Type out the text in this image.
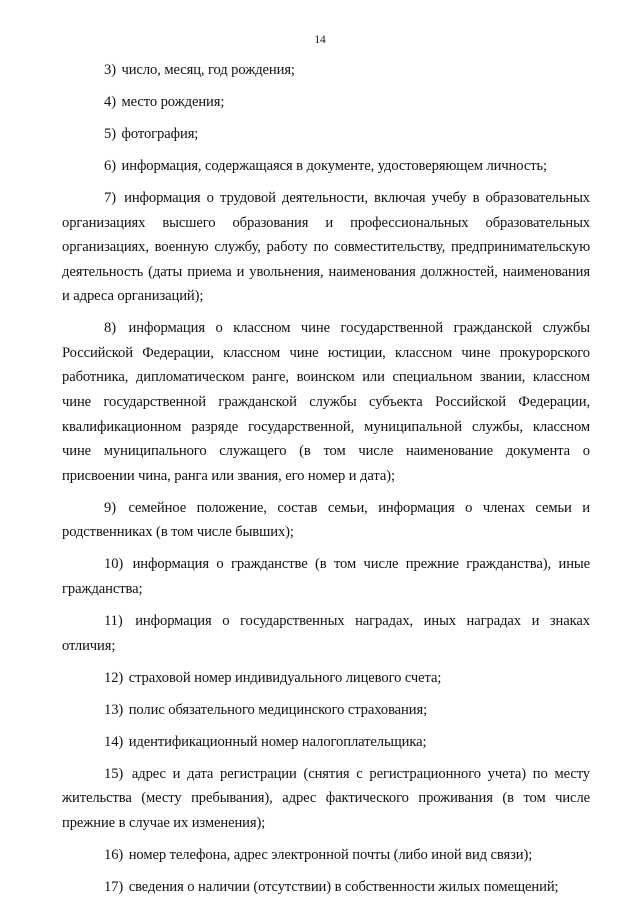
14

3) число, месяц, год рождения;

4) место рождения;

5) фотография;

6) информация, содержащаяся в документе, удостоверяющем личность;

7) информация о трудовой деятельности, включая учебу в образовательных организациях высшего образования и профессиональных образовательных организациях, военную службу, работу по совместительству, предпринимательскую деятельность (даты приема и увольнения, наименования должностей, наименования и адреса организаций);

8) информация о классном чине государственной гражданской службы Российской Федерации, классном чине юстиции, классном чине прокурорского работника, дипломатическом ранге, воинском или специальном звании, классном чине государственной гражданской службы субъекта Российской Федерации, квалификационном разряде государственной, муниципальной службы, классном чине муниципального служащего (в том числе наименование документа о присвоении чина, ранга или звания, его номер и дата);

9) семейное положение, состав семьи, информация о членах семьи и родственниках (в том числе бывших);

10) информация о гражданстве (в том числе прежние гражданства), иные гражданства;

11) информация о государственных наградах, иных наградах и знаках отличия;

12) страховой номер индивидуального лицевого счета;

13) полис обязательного медицинского страхования;

14) идентификационный номер налогоплательщика;

15) адрес и дата регистрации (снятия с регистрационного учета) по месту жительства (месту пребывания), адрес фактического проживания (в том числе прежние в случае их изменения);

16) номер телефона, адрес электронной почты (либо иной вид связи);

17) сведения о наличии (отсутствии) в собственности жилых помещений;
